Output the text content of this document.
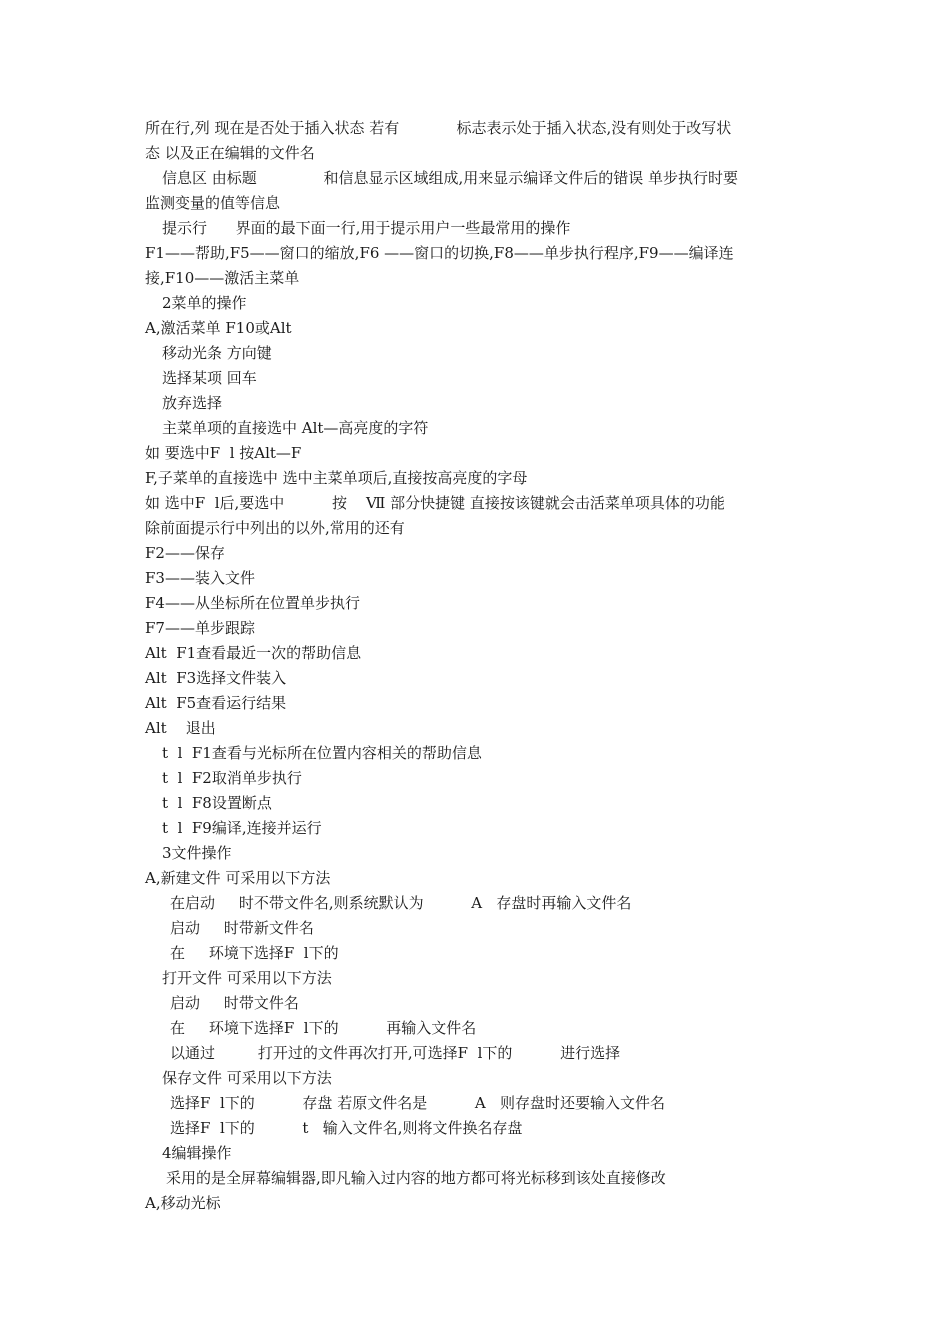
所在行,列 现在是否处于插入状态 若有            标志表示处于插入状态,没有则处于改写状
态 以及正在编辑的文件名
信息区 由标题              和信息显示区域组成,用来显示编译文件后的错误 单步执行时要
监测变量的值等信息
提示行      界面的最下面一行,用于提示用户一些最常用的操作
F1——帮助,F5——窗口的缩放,F6 ——窗口的切换,F8——单步执行程序,F9——编译连
接,F10——激活主菜单
2菜单的操作
A,激活菜单 F10或Alt
移动光条 方向键
选择某项 回车
放弃选择
主菜单项的直接选中 Alt—高亮度的字符
如 要选中F  l 按Alt—F
F,子菜单的直接选中 选中主菜单项后,直接按高亮度的字母
如 选中F  l后,要选中          按    Ⅶ 部分快捷键 直接按该键就会击活菜单项具体的功能
除前面提示行中列出的以外,常用的还有
F2——保存
F3——装入文件
F4——从坐标所在位置单步执行
F7——单步跟踪
Alt  F1查看最近一次的帮助信息
Alt  F3选择文件装入
Alt  F5查看运行结果
Alt    退出
t  l  F1查看与光标所在位置内容相关的帮助信息
t  l  F2取消单步执行
t  l  F8设置断点
t  l  F9编译,连接并运行
3文件操作
A,新建文件 可采用以下方法
在启动     时不带文件名,则系统默认为          A   存盘时再输入文件名
启动     时带新文件名
在     环境下选择F  l下的
打开文件 可采用以下方法
启动     时带文件名
在     环境下选择F  l下的          再输入文件名
以通过         打开过的文件再次打开,可选择F  l下的          进行选择
保存文件 可采用以下方法
选择F  l下的          存盘 若原文件名是          A   则存盘时还要输入文件名
选择F  l下的          t   输入文件名,则将文件换名存盘
4编辑操作
采用的是全屏幕编辑器,即凡输入过内容的地方都可将光标移到该处直接修改
A,移动光标
